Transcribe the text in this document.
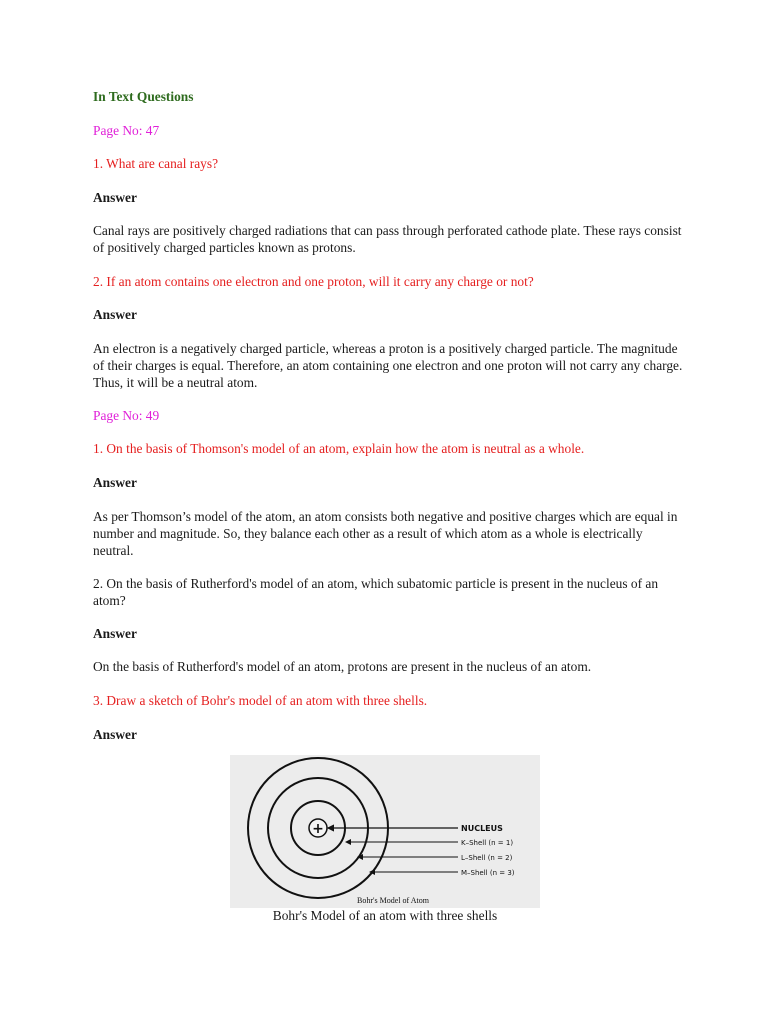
In Text Questions

Page No: 47

1. What are canal rays?

Answer

Canal rays are positively charged radiations that can pass through perforated cathode plate. These rays consist of positively charged particles known as protons.

2. If an atom contains one electron and one proton, will it carry any charge or not?

Answer

An electron is a negatively charged particle, whereas a proton is a positively charged particle. The magnitude of their charges is equal. Therefore, an atom containing one electron and one proton will not carry any charge. Thus, it will be a neutral atom.

Page No: 49

1. On the basis of Thomson's model of an atom, explain how the atom is neutral as a whole.

Answer

As per Thomson’s model of the atom, an atom consists both negative and positive charges which are equal in number and magnitude. So, they balance each other as a result of which atom as a whole is electrically neutral.

2. On the basis of Rutherford's model of an atom, which subatomic particle is present in the nucleus of an atom?

Answer

On the basis of Rutherford's model of an atom, protons are present in the nucleus of an atom.

3. Draw a sketch of Bohr's model of an atom with three shells.

Answer

+	NUCLEUS
K–Shell (n = 1)
L–Shell (n = 2)
M–Shell (n = 3)
Bohr's Model of Atom
Bohr's Model of an atom with three shells
